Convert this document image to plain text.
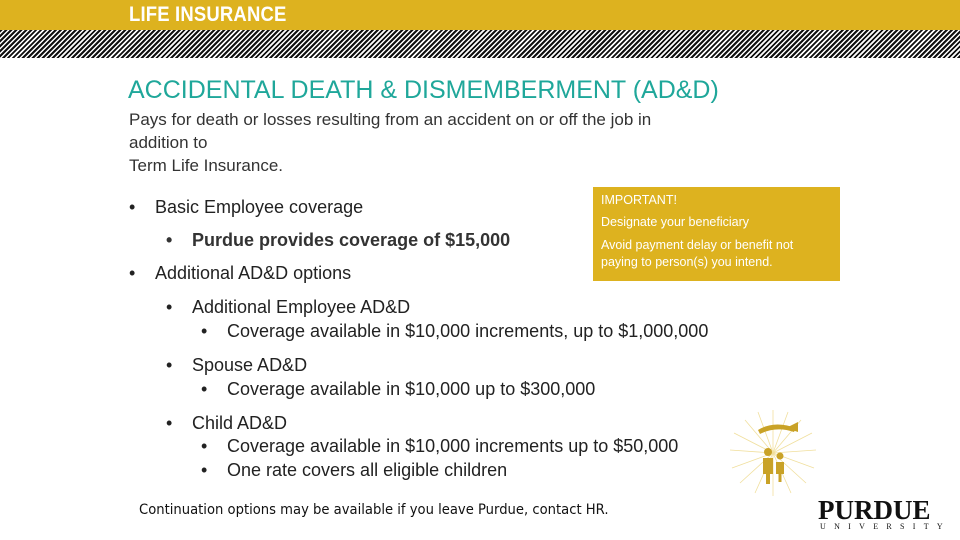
LIFE INSURANCE
ACCIDENTAL DEATH & DISMEMBERMENT (AD&D)
Pays for death or losses resulting from an accident on or off the job in
addition to
Term Life Insurance.
• Basic Employee coverage
• Purdue provides coverage of $15,000
• Additional AD&D options
• Additional Employee AD&D
• Coverage available in $10,000 increments, up to $1,000,000
• Spouse AD&D
• Coverage available in $10,000 up to $300,000
• Child AD&D
• Coverage available in $10,000 increments up to $50,000
• One rate covers all eligible children
IMPORTANT!
Designate your beneficiary
Avoid payment delay or benefit not paying to person(s) you intend.
Continuation options may be available if you leave Purdue, contact HR.	PURDUE
UNIVERSITY
